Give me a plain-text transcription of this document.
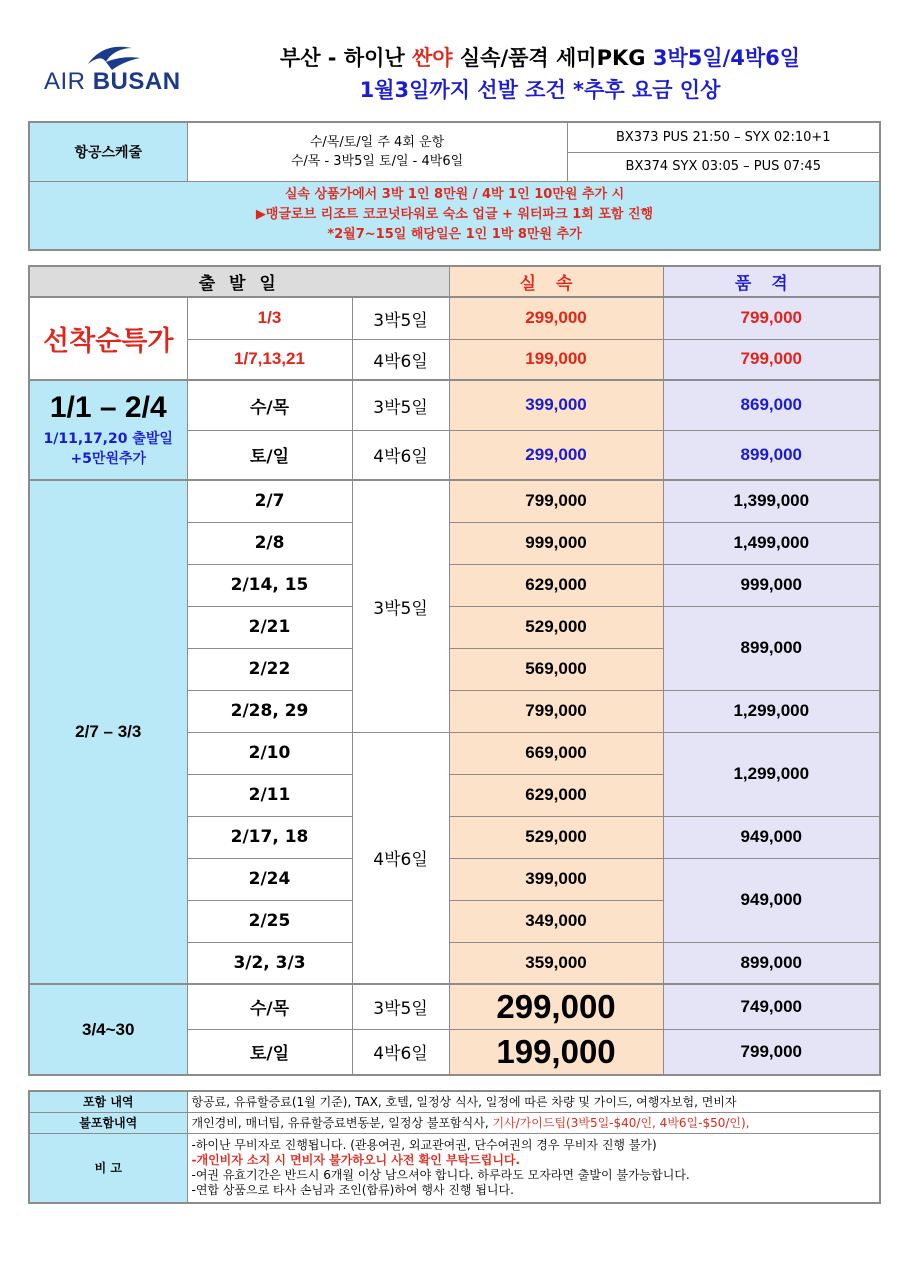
AIR BUSAN
부산 - 하이난 싼야 실속/품격 세미PKG 3박5일/4박6일
1월3일까지 선발 조건 *추후 요금 인상
항공스케줄	
수/목/토/일 주 4회 운항
수/목 - 3박5일 토/일 - 4박6일
	BX373 PUS 21:50 – SYX 02:10+1
BX374 SYX 03:05 – PUS 07:45

실속 상품가에서 3박 1인 8만원 / 4박 1인 10만원 추가 시
▶맹글로브 리조트 코코넛타워로 숙소 업글 + 워터파크 1회 포함 진행
*2월7~15일 해당일은 1인 1박 8만원 추가
출 발 일			실속	품격
선착순특가	1/3	3박5일	299,000	799,000
	1/7,13,21	4박6일	199,000	799,000

1/1 – 2/4
1/11,17,20 출발일
+5만원추가	수/목	3박5일	399,000	869,000
	토/일	4박6일	299,000	899,000
2/7 – 3/3	2/7	3박5일	799,000	1,399,000
	2/8		999,000	1,499,000
	2/14, 15		629,000	999,000
	2/21		529,000	899,000
	2/22		569,000	
	2/28, 29		799,000	1,299,000
	2/10	4박6일	669,000	1,299,000
	2/11		629,000	
	2/17, 18		529,000	949,000
	2/24		399,000	949,000
	2/25		349,000	
	3/2, 3/3		359,000	899,000
3/4~30	수/목	3박5일	299,000	749,000
	토/일	4박6일	199,000	799,000
포함 내역	항공료, 유류할증료(1월 기준), TAX, 호텔, 일정상 식사, 일정에 따른 차량 및 가이드, 여행자보험, 면비자
불포함내역	개인경비, 매너팁, 유류할증료변동분, 일정상 불포함식사, 기사/가이드팁(3박5일-$40/인, 4박6일-$50/인),
비 고	-하이난 무비자로 진행됩니다. (관용여권, 외교관여권, 단수여권의 경우 무비자 진행 불가)
-개인비자 소지 시 면비자 불가하오니 사전 확인 부탁드립니다.
-여권 유효기간은 반드시 6개월 이상 남으셔야 합니다. 하루라도 모자라면 출발이 불가능합니다.
-연합 상품으로 타사 손님과 조인(합류)하여 행사 진행 됩니다.
